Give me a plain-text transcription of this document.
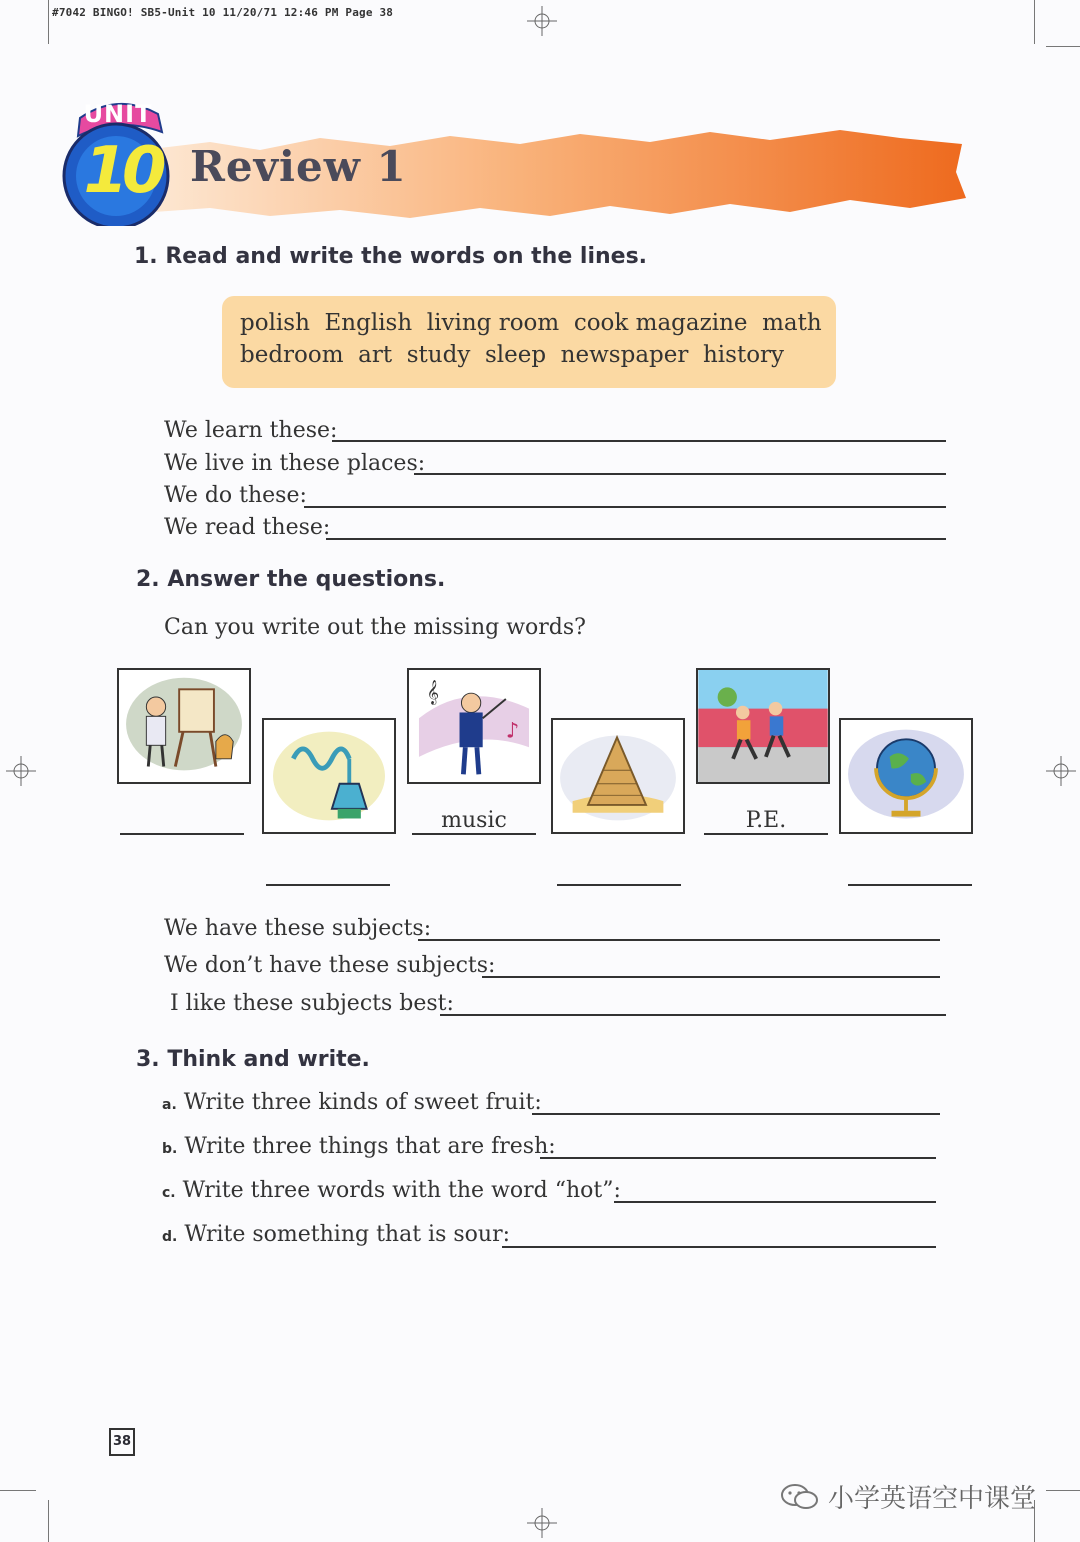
#7042 BINGO! SB5-Unit 10 11/20/71 12:46 PM Page 38
UNIT
10 Review 1
1. Read and write the words on the lines.
polish  English  living room  cook magazine  math
bedroom  art  study  sleep  newspaper  history
We learn these:
We live in these places:
We do these:
We read these:
2. Answer the questions.
Can you write out the missing words?
𝄞
♪
music	P.E.
We have these subjects:
We don’t have these subjects:
I like these subjects best:
3. Think and write.
a. Write three kinds of sweet fruit:
b. Write three things that are fresh:
c. Write three words with the word “hot”:
d. Write something that is sour:
38
小学英语空中课堂
